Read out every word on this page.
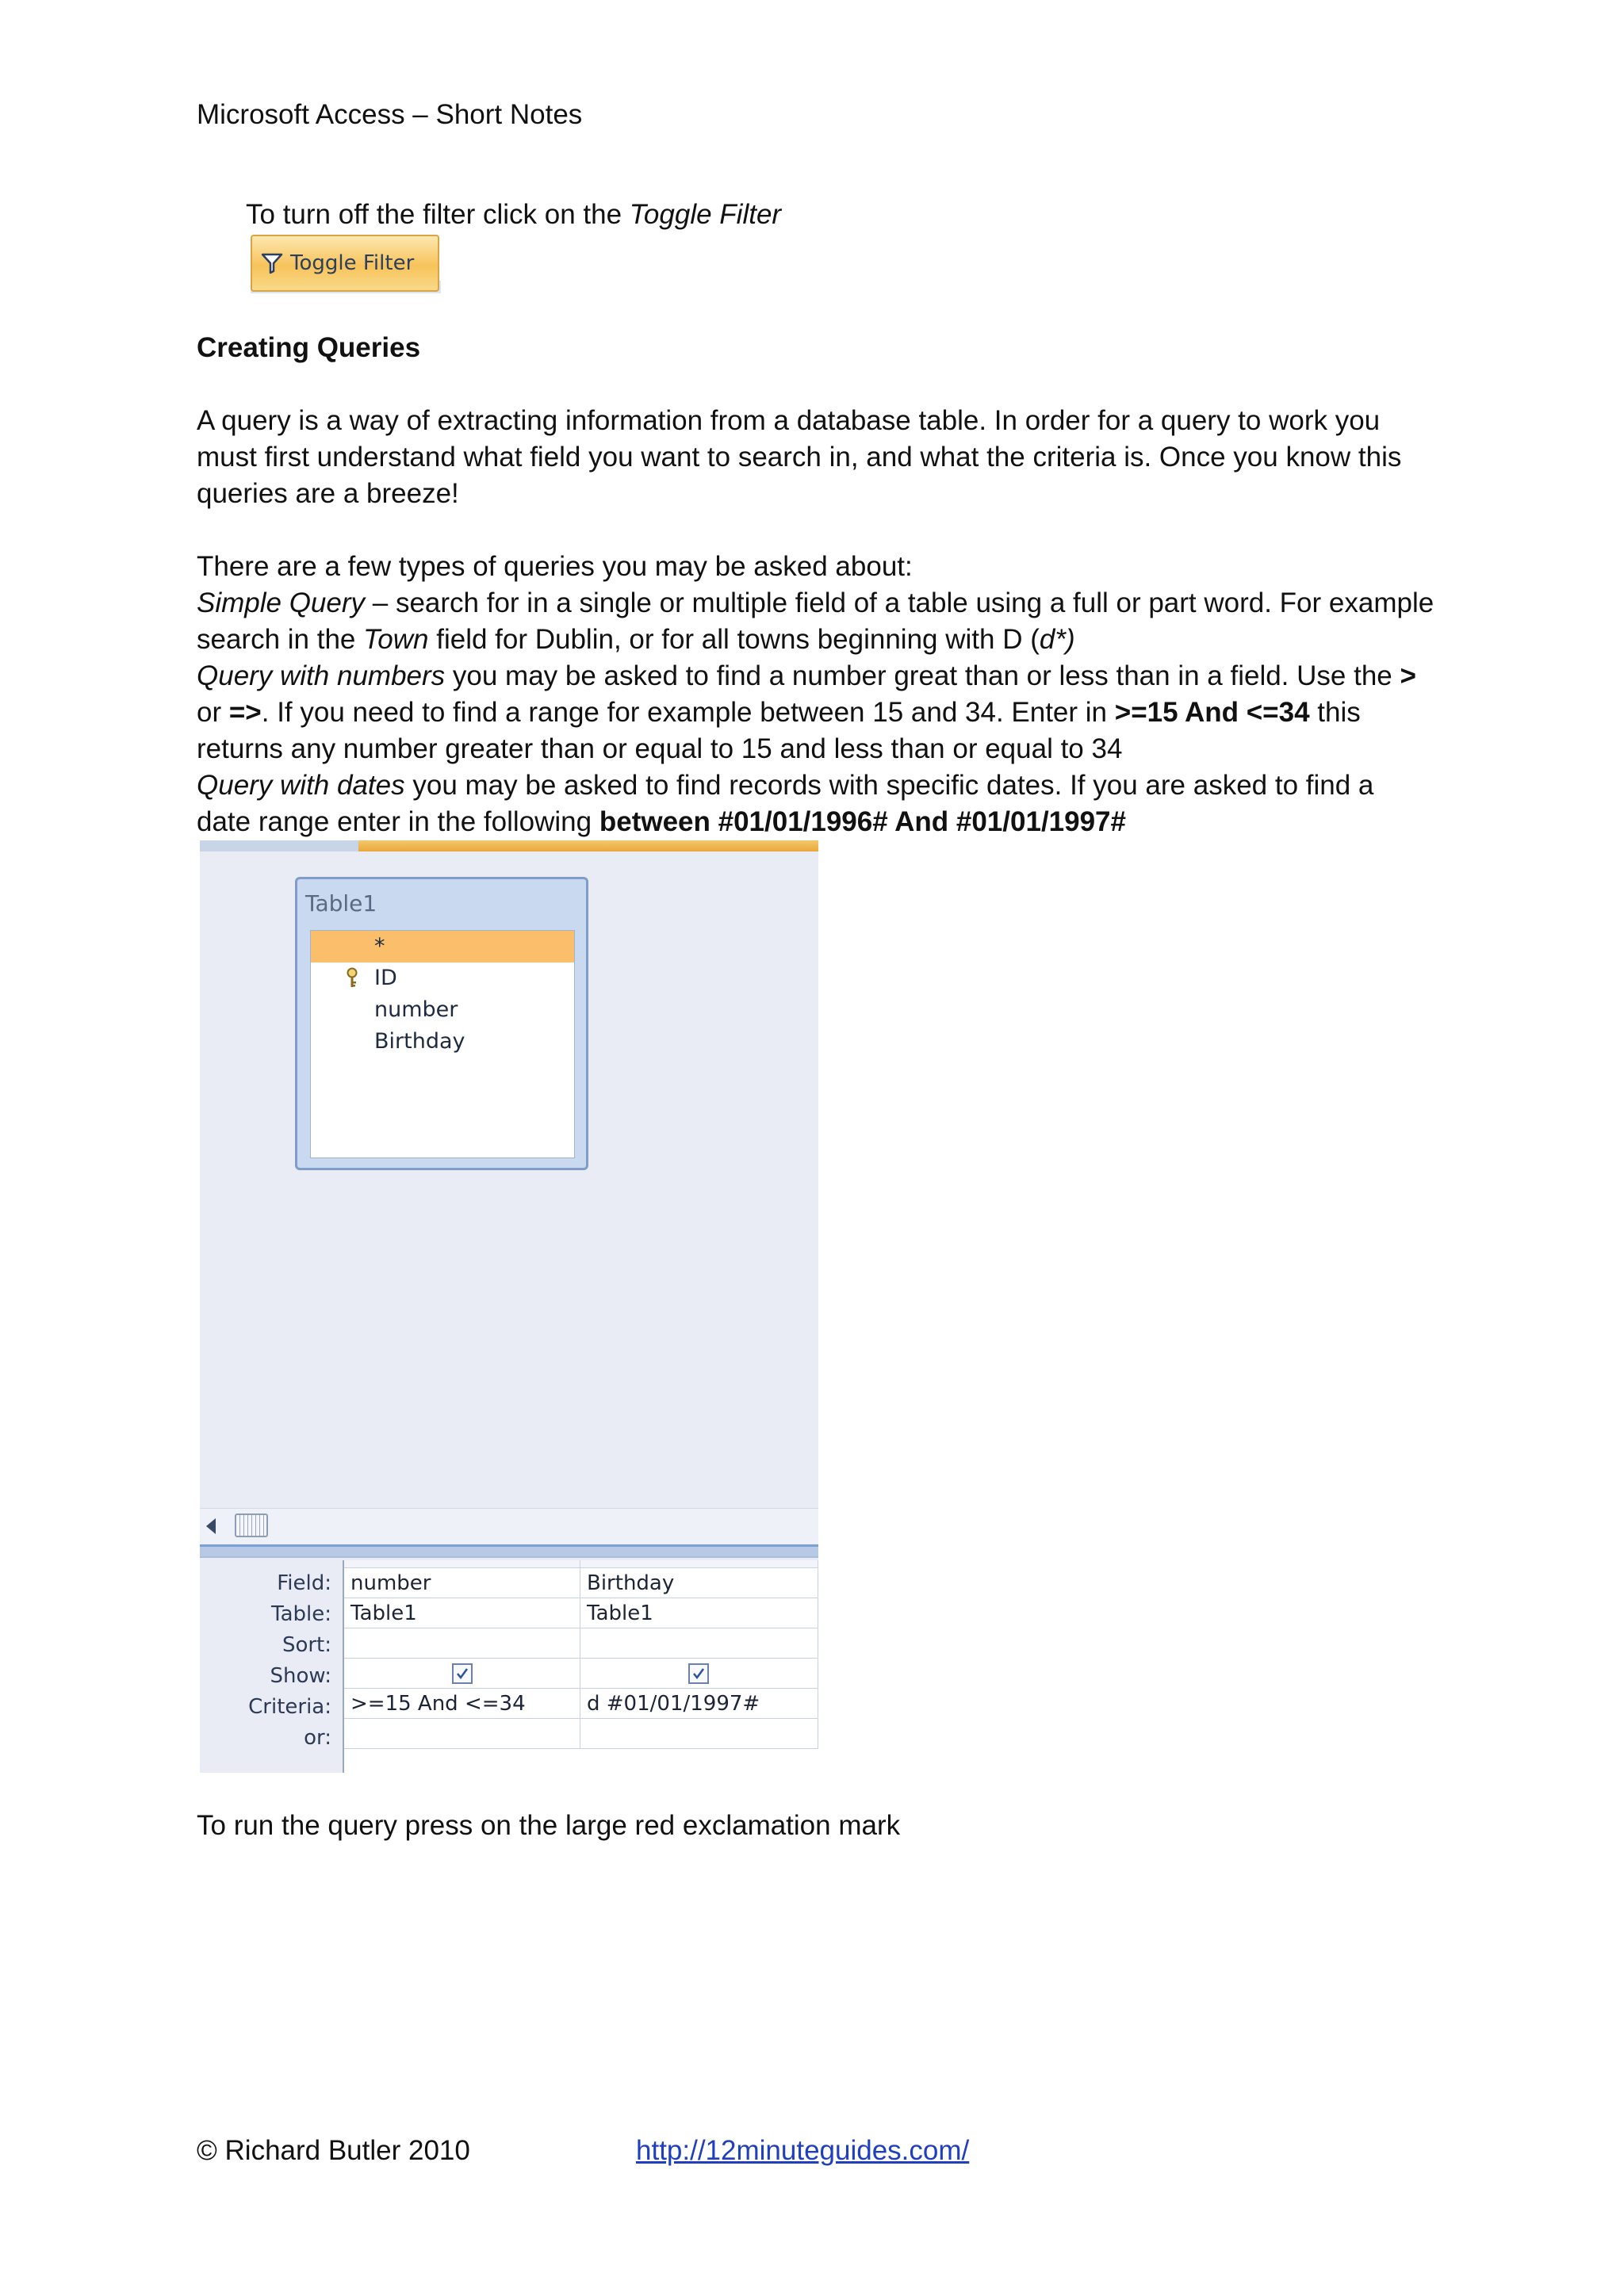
Microsoft Access – Short Notes
To turn off the filter click on the Toggle Filter
Toggle Filter
Creating Queries
A query is a way of extracting information from a database table. In order for a query to work you
must first understand what field you want to search in, and what the criteria is. Once you know this
queries are a breeze!
There are a few types of queries you may be asked about:
Simple Query – search for in a single or multiple field of a table using a full or part word. For example
search in the Town field for Dublin, or for all towns beginning with D (d*)
Query with numbers you may be asked to find a number great than or less than in a field. Use the >
or =>. If you need to find a range for example between 15 and 34. Enter in >=15 And <=34 this
returns any number greater than or equal to 15 and less than or equal to 34
Query with dates you may be asked to find records with specific dates. If you are asked to find a
date range enter in the following between #01/01/1996# And #01/01/1997#
Table1
*
ID
number
Birthday
Field:
Table:
Sort:
Show:
Criteria:
or:
number
Table1
>=15 And <=34
Birthday
Table1
d #01/01/1997#
To run the query press on the large red exclamation mark
© Richard Butler 2010	http://12minuteguides.com/
